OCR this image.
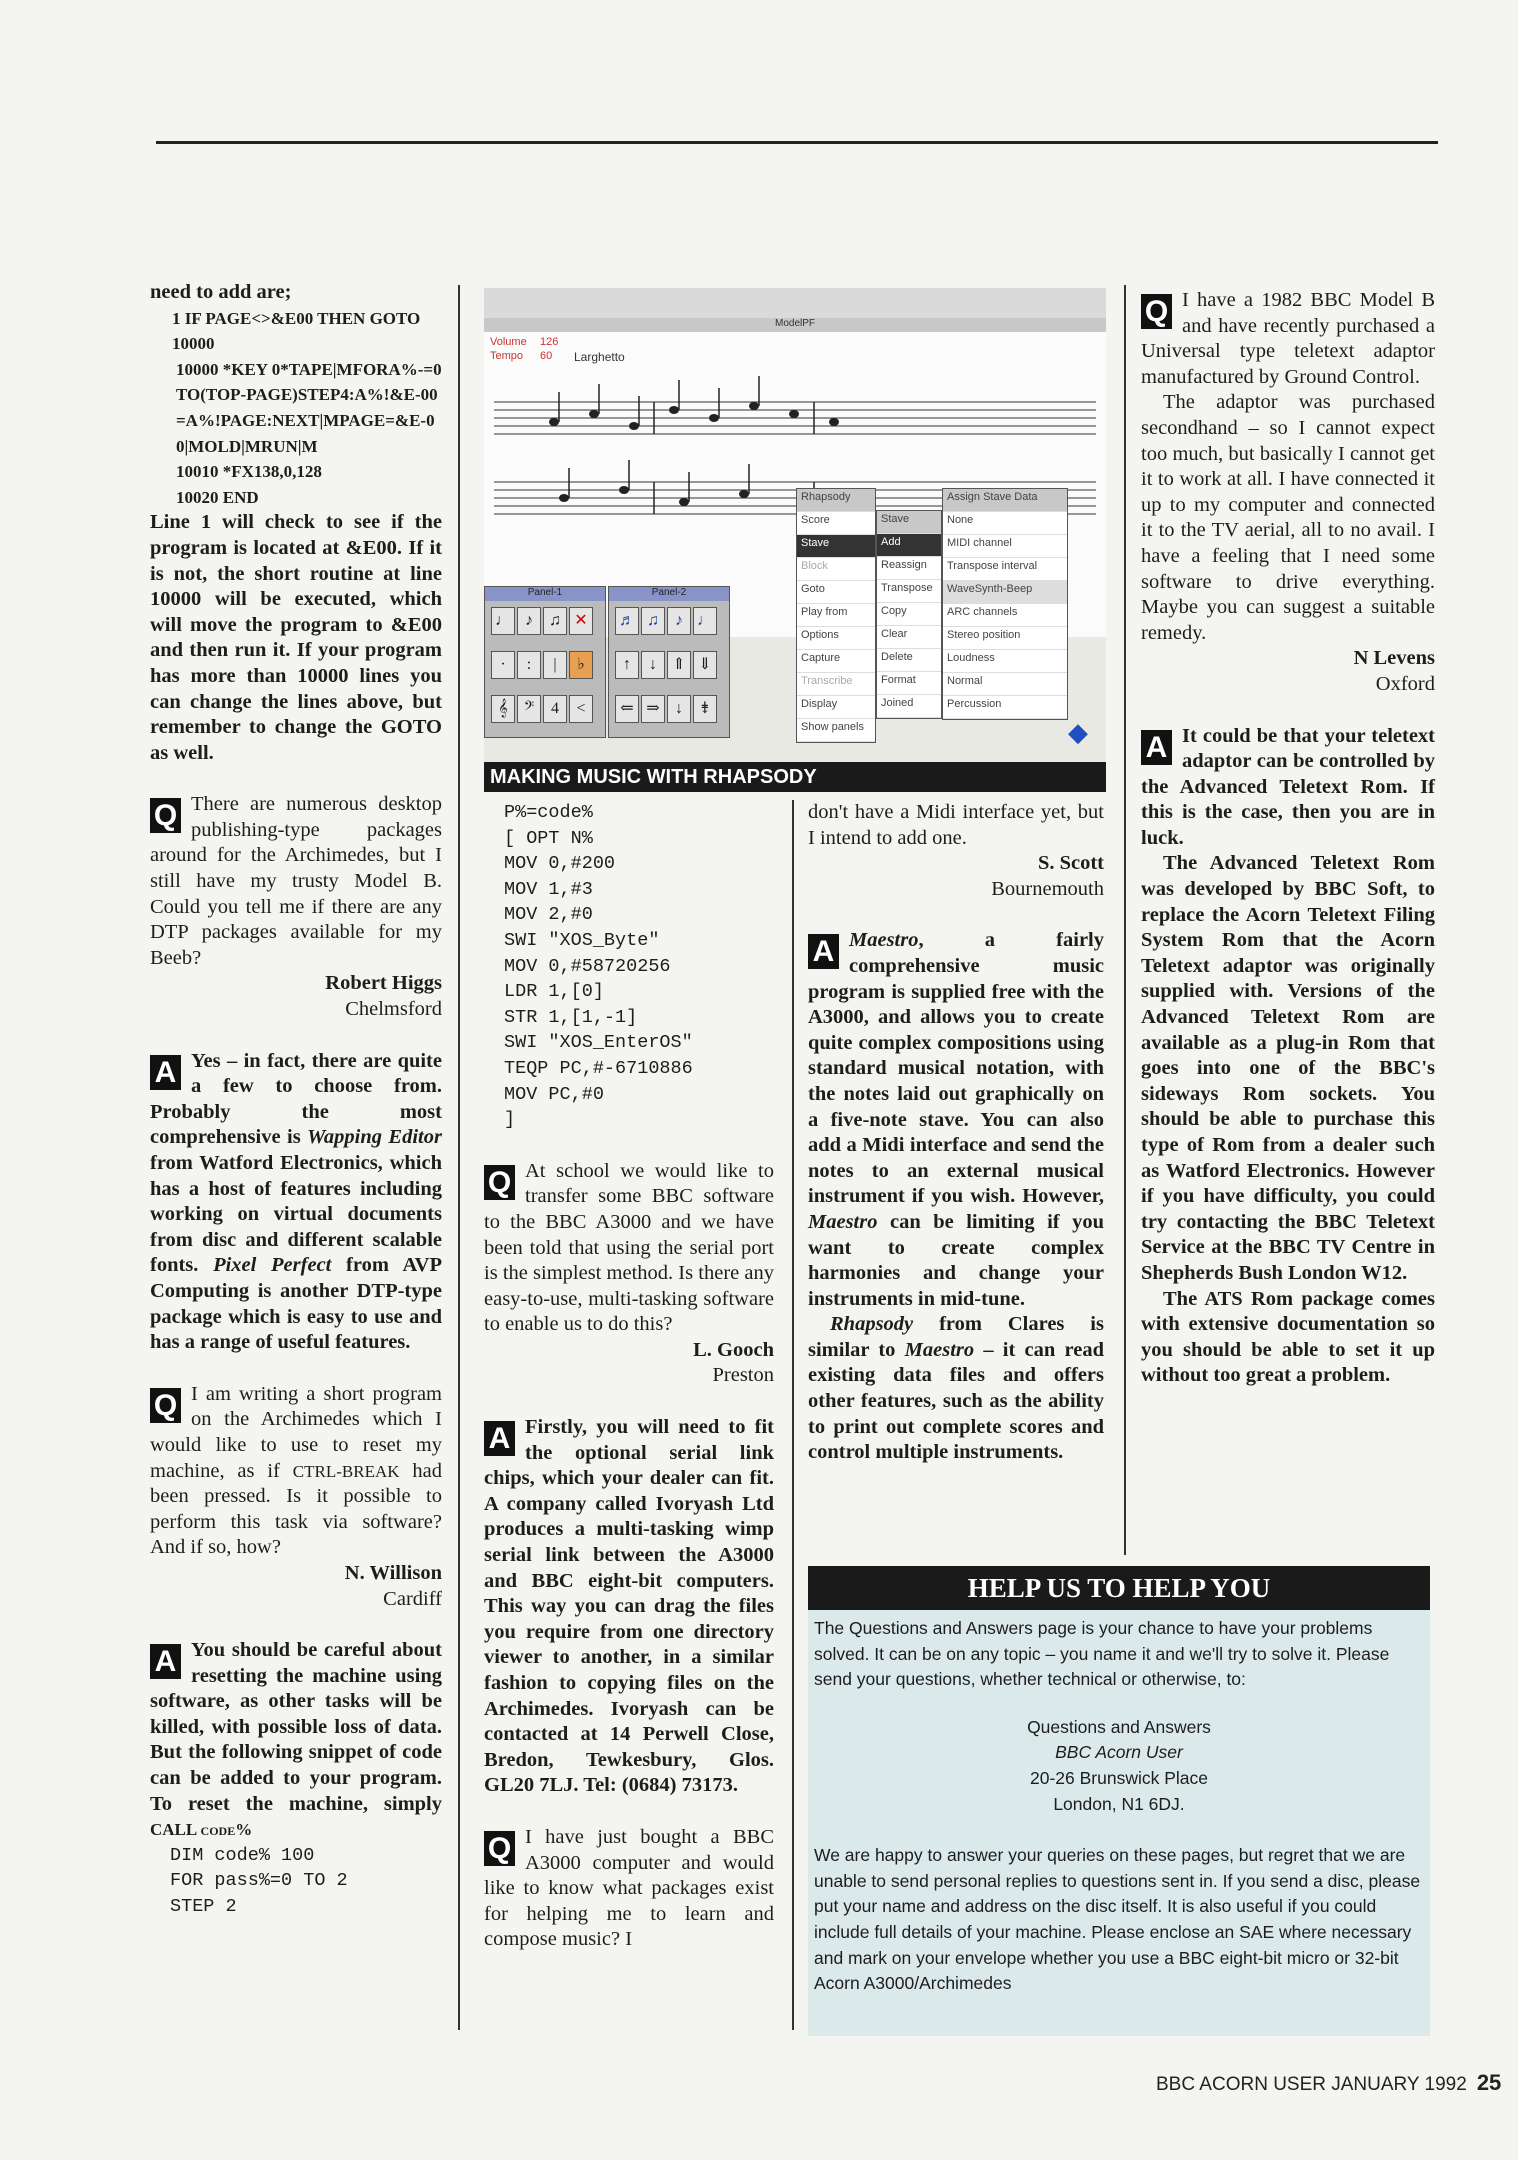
need to add are;

1 IF PAGE<>&E00 THEN GOTO 10000

10000 *KEY 0*TAPE|MFORA%-=0TO(TOP-PAGE)STEP4:A%!&E-00=A%!PAGE:NEXT|MPAGE=&E-00|MOLD|MRUN|M

10010 *FX138,0,128

10020 END

Line 1 will check to see if the program is located at &E00. If it is not, the short routine at line 10000 will be executed, which will move the program to &E00 and then run it. If your program has more than 10000 lines you can change the lines above, but remember to change the GOTO as well.

Q There are numerous desktop publishing-type packages around for the Archimedes, but I still have my trusty Model B. Could you tell me if there are any DTP packages available for my Beeb?

Robert Higgs

Chelmsford

A Yes – in fact, there are quite a few to choose from. Probably the most comprehensive is Wapping Editor from Watford Electronics, which has a host of features including working on virtual documents from disc and different scalable fonts. Pixel Perfect from AVP Computing is another DTP-type package which is easy to use and has a range of useful features.
Q I am writing a short program on the Archimedes which I would like to use to reset my machine, as if CTRL-BREAK had been pressed. Is it possible to perform this task via software? And if so, how?

N. Willison

Cardiff

A You should be careful about resetting the machine using software, as other tasks will be killed, with possible loss of data. But the following snippet of code can be added to your program. To reset the machine, simply CALL code%

DIM code% 100

FOR pass%=0 TO 2

STEP 2

ModelPF
Volume 126
Tempo 60 Larghetto
Panel-1
♩ ♪	♫ ✕
·	:	|	♭
𝄞	𝄢	4	<
Panel-2
♬ ♫	♪ ♩
↑	↓ ⇑ ⇓
⇐ ⇒ ↓ ⇟
Rhapsody
Score
Stave
Block
Goto
Play from
Options
Capture
Transcribe
Display
Show panels
Stave
Add
Reassign
Transpose
Copy
Clear
Delete
Format
Joined
Assign Stave Data
None
MIDI channel
Transpose interval
WaveSynth-Beep
ARC channels
Stereo position
Loudness
Normal
Percussion
◆
MAKING MUSIC WITH RHAPSODY

P%=code%

[ OPT N%

MOV 0,#200

MOV 1,#3

MOV 2,#0

SWI "XOS_Byte"

MOV 0,#58720256

LDR 1,[0]

STR 1,[1,-1]

SWI "XOS_EnterOS"

TEQP PC,#-6710886

MOV PC,#0

]

Q At school we would like to transfer some BBC software to the BBC A3000 and we have been told that using the serial port is the simplest method. Is there any easy-to-use, multi-tasking software to enable us to do this?

L. Gooch

Preston

A Firstly, you will need to fit the optional serial link chips, which your dealer can fit. A company called Ivoryash Ltd produces a multi-tasking wimp serial link between the A3000 and BBC eight-bit computers. This way you can drag the files you require from one directory viewer to another, in a similar fashion to copying files on the Archimedes. Ivoryash can be contacted at 14 Perwell Close, Bredon, Tewkesbury, Glos. GL20 7LJ. Tel: (0684) 73173.
Q I have just bought a BBC A3000 computer and would like to know what packages exist for helping me to learn and compose music? I

don't have a Midi interface yet, but I intend to add one.

S. Scott

Bournemouth

A Maestro, a fairly comprehensive music program is supplied free with the A3000, and allows you to create quite complex compositions using standard musical notation, with the notes laid out graphically on a five-note stave. You can also add a Midi interface and send the notes to an external musical instrument if you wish. However, Maestro can be limiting if you want to create complex harmonies and change your instruments in mid-tune.

Rhapsody from Clares is similar to Maestro – it can read existing data files and offers other features, such as the ability to print out complete scores and control multiple instruments.

Q I have a 1982 BBC Model B and have recently purchased a Universal type teletext adaptor manufactured by Ground Control.

The adaptor was purchased secondhand – so I cannot expect too much, but basically I cannot get it to work at all. I have connected it up to my computer and connected it to the TV aerial, all to no avail. I have a feeling that I need some software to drive everything. Maybe you can suggest a suitable remedy.

N Levens

Oxford

A It could be that your teletext adaptor can be controlled by the Advanced Teletext Rom. If this is the case, then you are in luck.

The Advanced Teletext Rom was developed by BBC Soft, to replace the Acorn Teletext Filing System Rom that the Acorn Teletext adaptor was originally supplied with. Versions of the Advanced Teletext Rom are available as a plug-in Rom that goes into one of the BBC's sideways Rom sockets. You should be able to purchase this type of Rom from a dealer such as Watford Electronics. However if you have difficulty, you could try contacting the BBC Teletext Service at the BBC TV Centre in Shepherds Bush London W12.

The ATS Rom package comes with extensive documentation so you should be able to set it up without too great a problem.

HELP US TO HELP YOU
The Questions and Answers page is your chance to have your problems solved. It can be on any topic – you name it and we'll try to solve it. Please send your questions, whether technical or otherwise, to:
Questions and Answers
BBC Acorn User
20-26 Brunswick Place
London, N1 6DJ.
We are happy to answer your queries on these pages, but regret that we are unable to send personal replies to questions sent in. If you send a disc, please put your name and address on the disc itself. It is also useful if you could include full details of your machine. Please enclose an SAE where necessary and mark on your envelope whether you use a BBC eight-bit micro or 32-bit Acorn A3000/Archimedes
BBC ACORN USER JANUARY 1992 25
